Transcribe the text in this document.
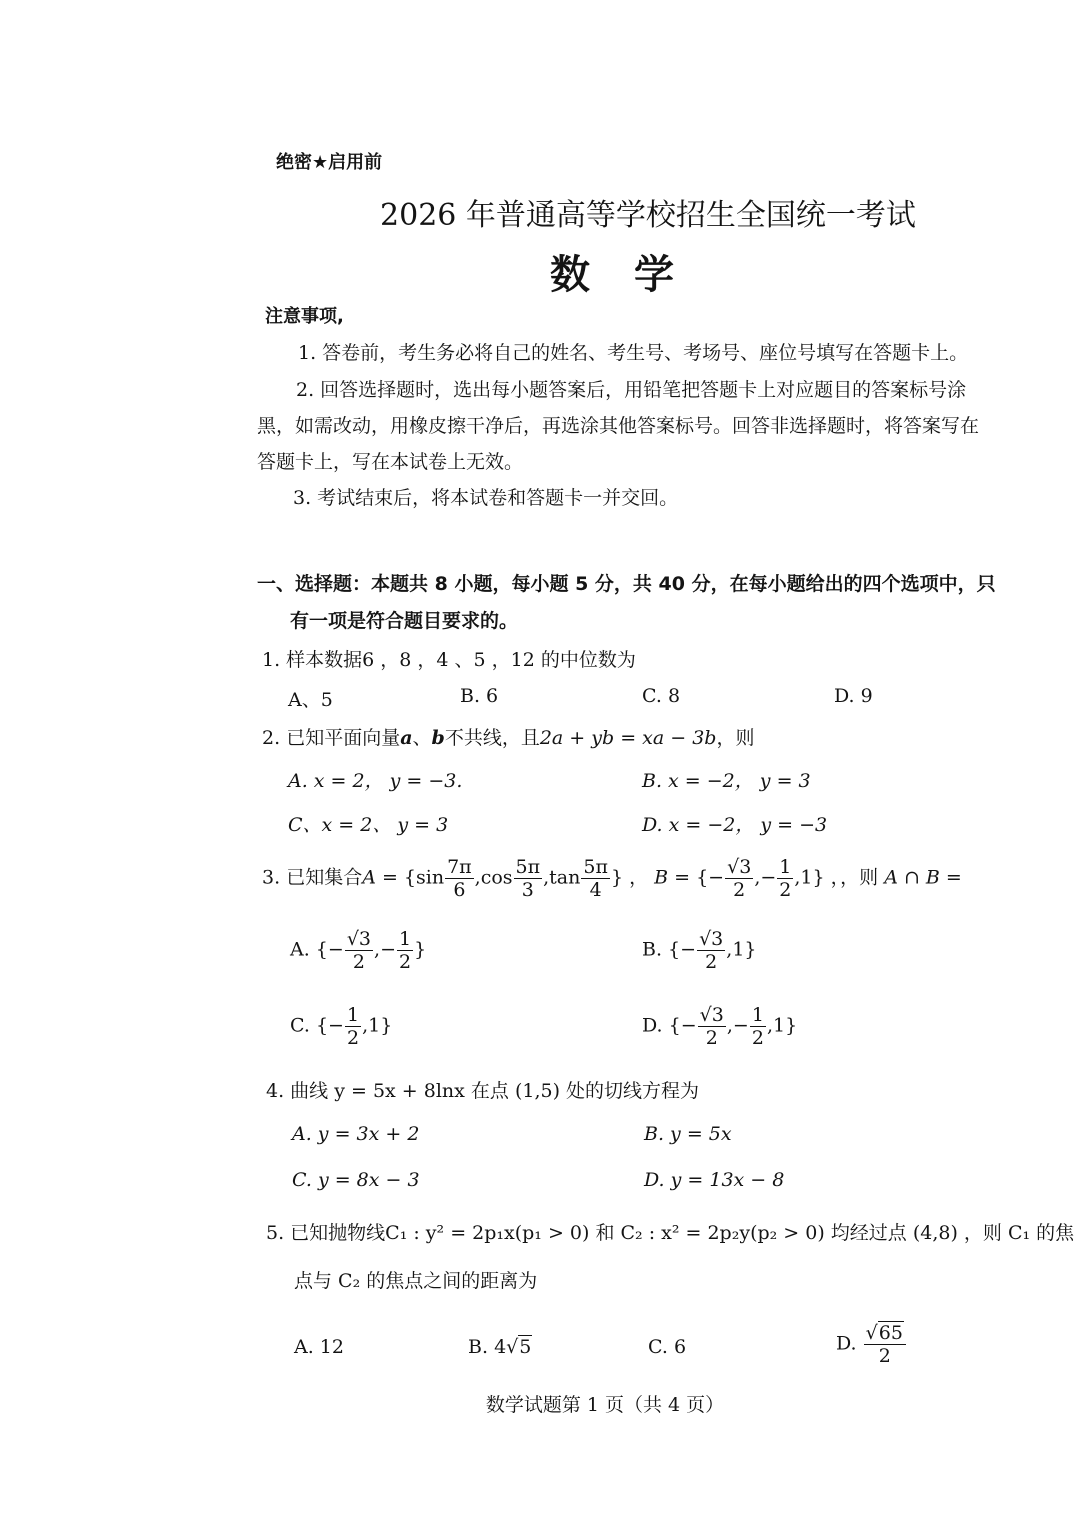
绝密★启用前
2026 年普通高等学校招生全国统一考试
数学
注意事项,
1. 答卷前，考生务必将自己的姓名、考生号、考场号、座位号填写在答题卡上。
2. 回答选择题时，选出每小题答案后，用铅笔把答题卡上对应题目的答案标号涂
黑，如需改动，用橡皮擦干净后，再选涂其他答案标号。回答非选择题时，将答案写在
答题卡上，写在本试卷上无效。
3. 考试结束后，将本试卷和答题卡一并交回。
一、选择题：本题共 8 小题，每小题 5 分，共 40 分，在每小题给出的四个选项中，只
有一项是符合题目要求的。
1. 样本数据6 ，8 ，4 、5 ，12 的中位数为
A、5	B. 6	C. 8	D. 9
2. 已知平面向量a、b不共线，且2a + yb = xa − 3b，则
A. x = 2， y = −3.	B. x = −2， y = 3
C、x = 2、 y = 3	D. x = −2， y = −3
3. 已知集合$A = \{\sin \frac{7\pi}{6} ,\cos \frac{5\pi}{3} ,\tan \frac{5\pi}{4}$ } ， B = {− $\frac{√3}{2}$ ,− $\frac{1}{2} ,1$} ，，则 A ∩ B =
A. {− $\frac{√3}{2}$ ,− $\frac{1}{2}$ }	B. {− $\frac{√3}{2} ,1$}
C. {− $\frac{1}{2} ,1$}	D. {− $\frac{√3}{2}$ ,− $\frac{1}{2} ,1$}
4. 曲线 y = 5x + 8lnx 在点 (1,5) 处的切线方程为
A. y = 3x + 2	B. y = 5x
C. y = 8x − 3	D. y = 13x − 8
5. 已知抛物线C₁ : y² = 2p₁x(p₁ > 0) 和 C₂ : x² = 2p₂y(p₂ > 0) 均经过点 (4,8) ，则 C₁ 的焦
点与 C₂ 的焦点之间的距离为
A. 12	B. 4√5	C. 6	D. $\frac{√65}{2}$
数学试题第 1 页（共 4 页）
